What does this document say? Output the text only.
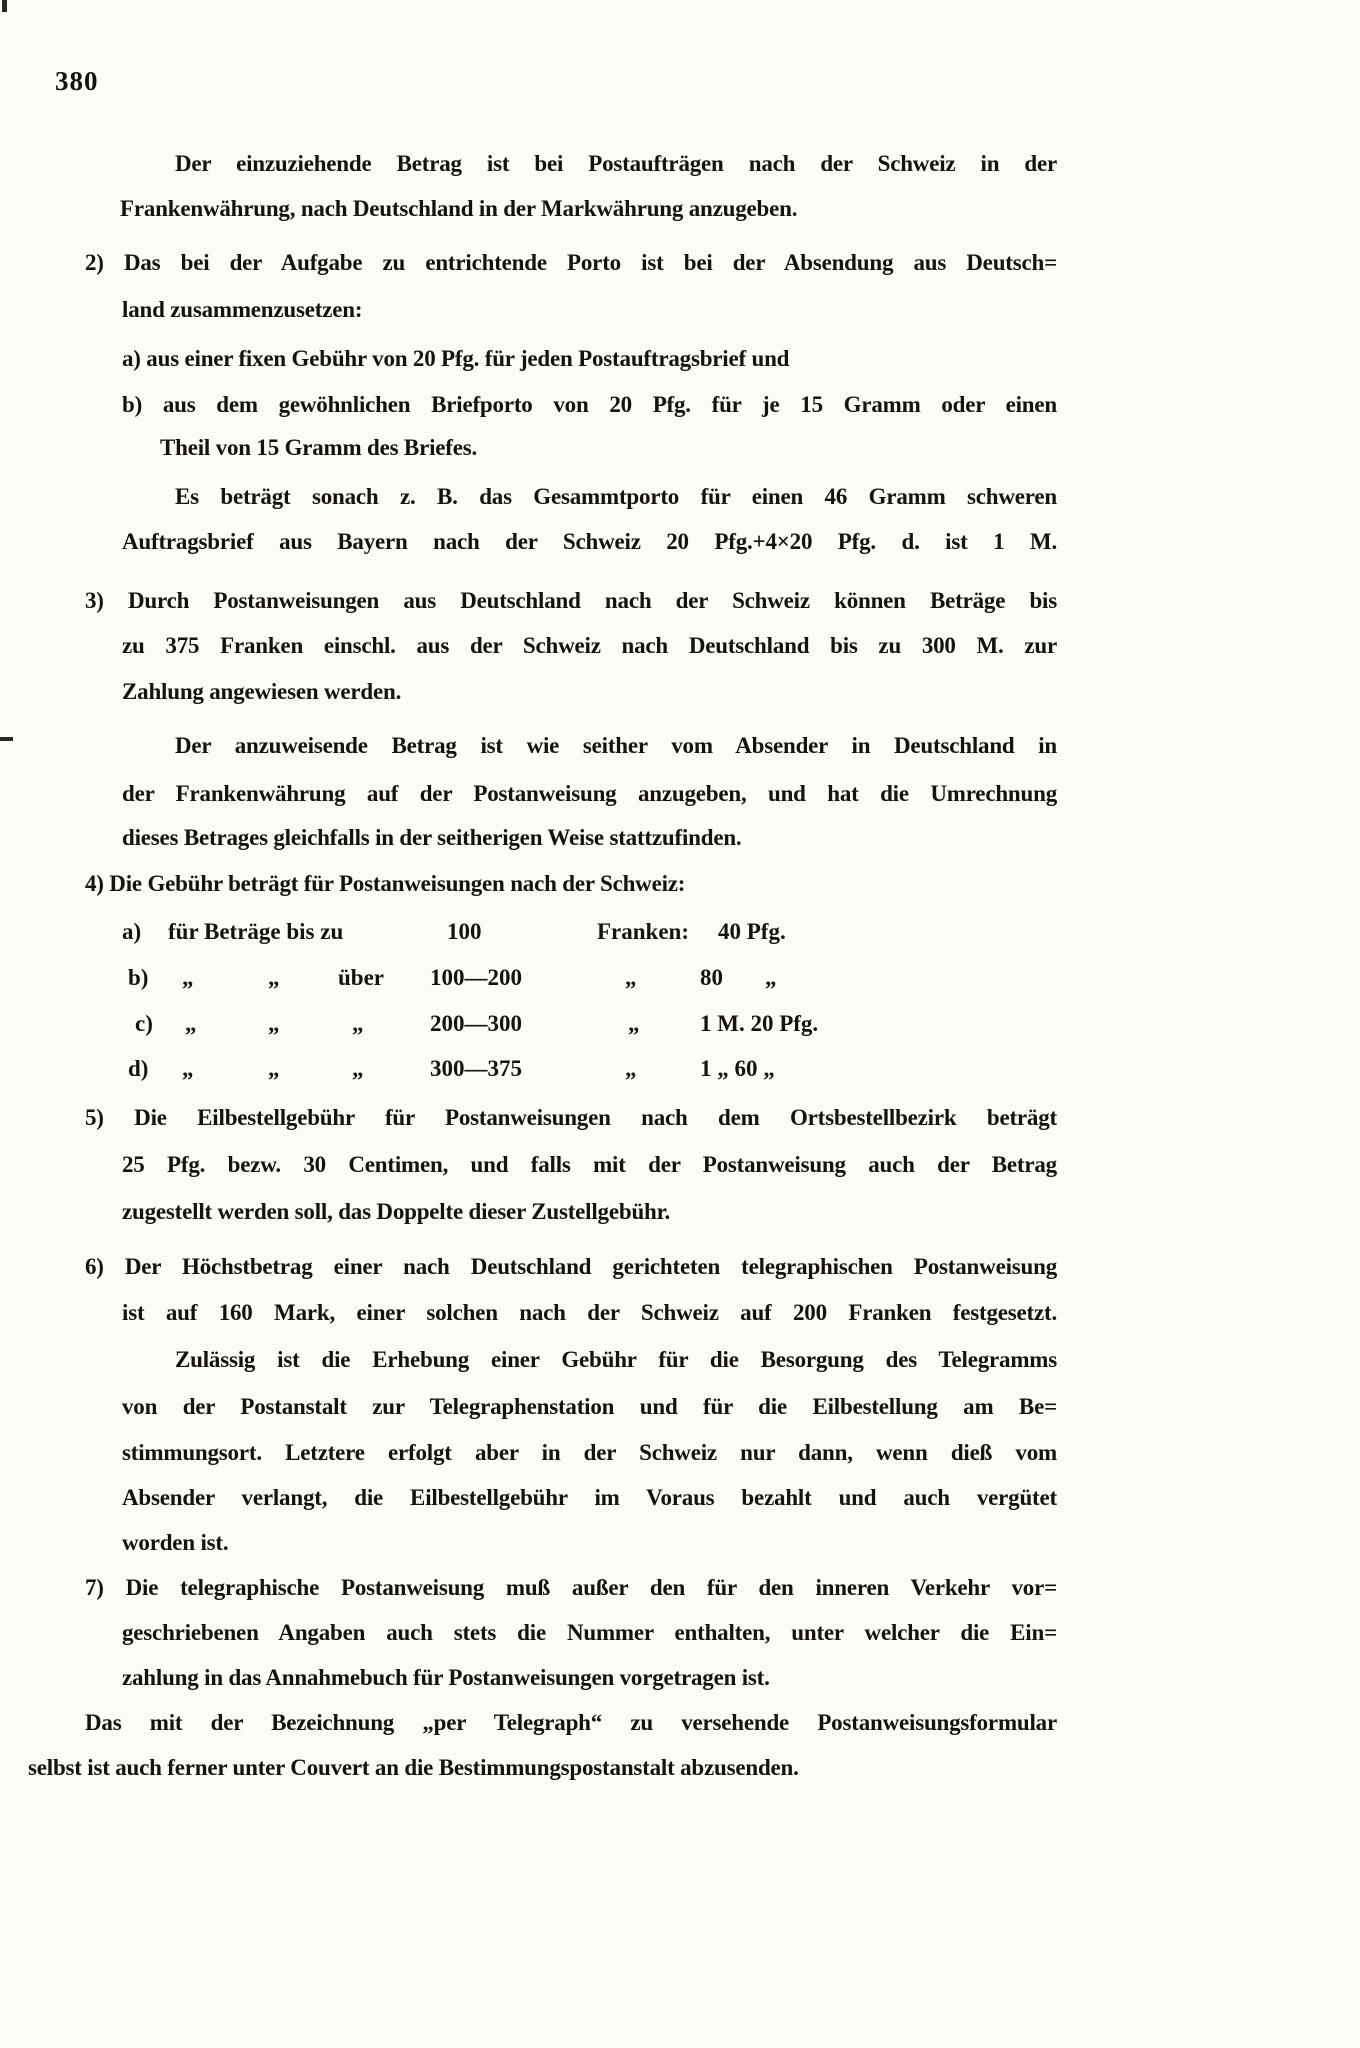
380
Der einzuziehende Betrag ist bei Postaufträgen nach der Schweiz in der
Frankenwährung, nach Deutschland in der Markwährung anzugeben.
2) Das bei der Aufgabe zu entrichtende Porto ist bei der Absendung aus Deutsch=
land zusammenzusetzen:
a) aus einer fixen Gebühr von 20 Pfg. für jeden Postauftragsbrief und
b) aus dem gewöhnlichen Briefporto von 20 Pfg. für je 15 Gramm oder einen
Theil von 15 Gramm des Briefes.
Es beträgt sonach z. B. das Gesammtporto für einen 46 Gramm schweren
Auftragsbrief aus Bayern nach der Schweiz 20 Pfg.+4×20 Pfg. d. ist 1 M.
3) Durch Postanweisungen aus Deutschland nach der Schweiz können Beträge bis
zu 375 Franken einschl. aus der Schweiz nach Deutschland bis zu 300 M. zur
Zahlung angewiesen werden.
Der anzuweisende Betrag ist wie seither vom Absender in Deutschland in
der Frankenwährung auf der Postanweisung anzugeben, und hat die Umrechnung
dieses Betrages gleichfalls in der seitherigen Weise stattzufinden.
4) Die Gebühr beträgt für Postanweisungen nach der Schweiz:
a) für Beträge bis zu	100	Franken: 40 Pfg.
b) „	„	über 100—200	„	80 „
c) „	„	„	200—300	„	1 M. 20 Pfg.
d) „	„	„	300—375	„	1 „ 60 „
5) Die Eilbestellgebühr für Postanweisungen nach dem Ortsbestellbezirk beträgt
25 Pfg. bezw. 30 Centimen, und falls mit der Postanweisung auch der Betrag
zugestellt werden soll, das Doppelte dieser Zustellgebühr.
6) Der Höchstbetrag einer nach Deutschland gerichteten telegraphischen Postanweisung
ist auf 160 Mark, einer solchen nach der Schweiz auf 200 Franken festgesetzt.
Zulässig ist die Erhebung einer Gebühr für die Besorgung des Telegramms
von der Postanstalt zur Telegraphenstation und für die Eilbestellung am Be=
stimmungsort. Letztere erfolgt aber in der Schweiz nur dann, wenn dieß vom
Absender verlangt, die Eilbestellgebühr im Voraus bezahlt und auch vergütet
worden ist.
7) Die telegraphische Postanweisung muß außer den für den inneren Verkehr vor=
geschriebenen Angaben auch stets die Nummer enthalten, unter welcher die Ein=
zahlung in das Annahmebuch für Postanweisungen vorgetragen ist.
Das mit der Bezeichnung „per Telegraph“ zu versehende Postanweisungsformular
selbst ist auch ferner unter Couvert an die Bestimmungspostanstalt abzusenden.
